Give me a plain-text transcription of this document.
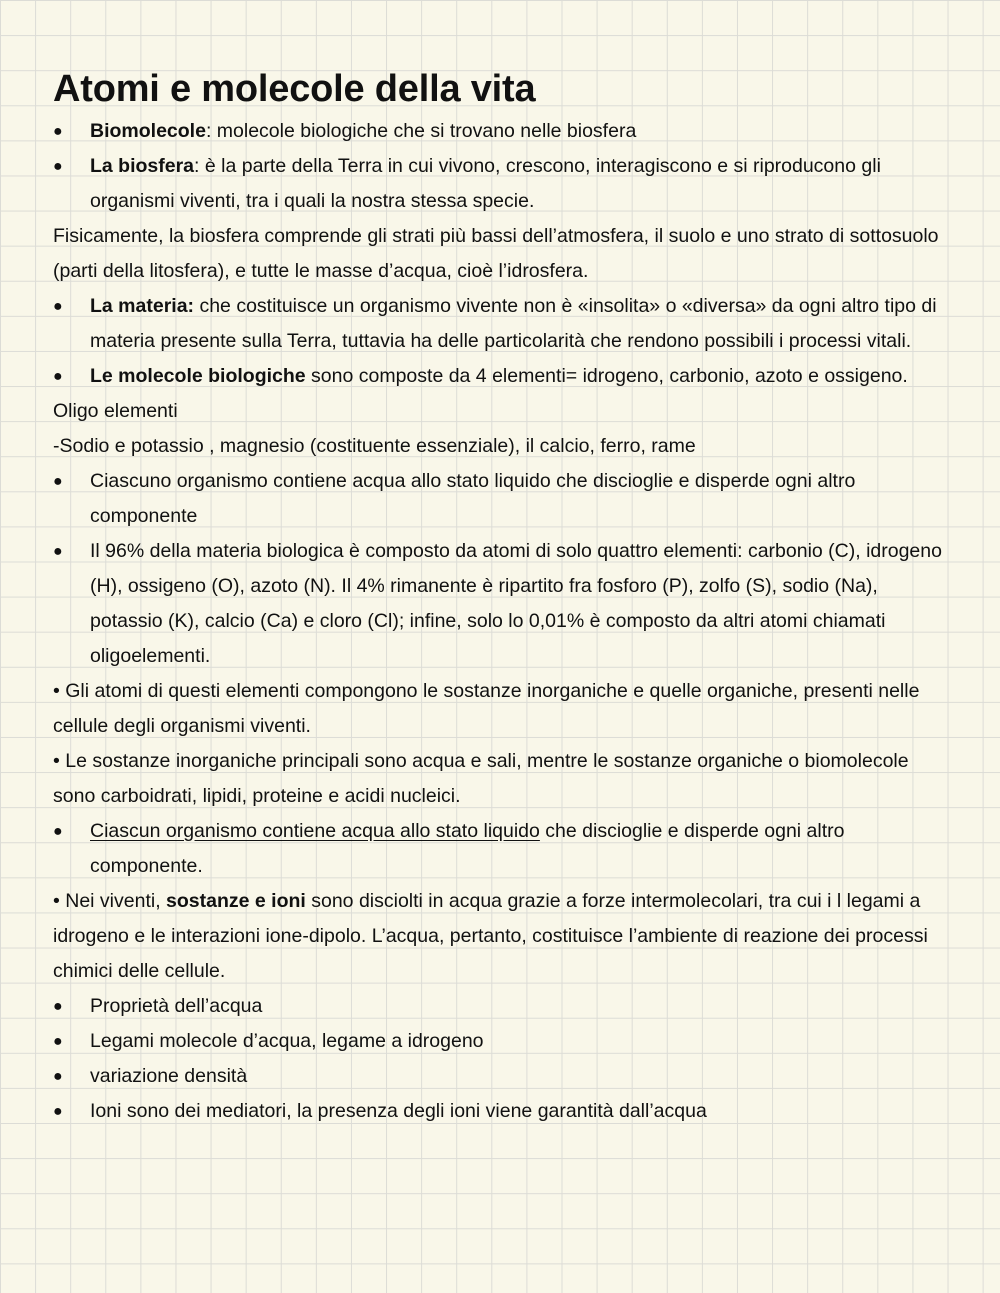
Atomi e molecole della vita
● Biomolecole: molecole biologiche che si trovano nelle biosfera
● La biosfera: è la parte della Terra in cui vivono, crescono, interagiscono e si riproducono gli organismi viventi, tra i quali la nostra stessa specie.
Fisicamente, la biosfera comprende gli strati più bassi dell’atmosfera, il suolo e uno strato di sottosuolo (parti della litosfera), e tutte le masse d’acqua, cioè l’idrosfera.
● La materia: che costituisce un organismo vivente non è «insolita» o «diversa» da ogni altro tipo di materia presente sulla Terra, tuttavia ha delle particolarità che rendono possibili i processi vitali.
● Le molecole biologiche sono composte da 4 elementi= idrogeno, carbonio, azoto e ossigeno.
Oligo elementi
-Sodio e potassio , magnesio (costituente essenziale), il calcio, ferro, rame
● Ciascuno organismo contiene acqua allo stato liquido che discioglie e disperde ogni altro componente
● Il 96% della materia biologica è composto da atomi di solo quattro elementi: carbonio (C), idrogeno (H), ossigeno (O), azoto (N). Il 4% rimanente è ripartito fra fosforo (P), zolfo (S), sodio (Na), potassio (K), calcio (Ca) e cloro (Cl); infine, solo lo 0,01% è composto da altri atomi chiamati oligoelementi.
• Gli atomi di questi elementi compongono le sostanze inorganiche e quelle organiche, presenti nelle cellule degli organismi viventi.
• Le sostanze inorganiche principali sono acqua e sali, mentre le sostanze organiche o biomolecole sono carboidrati, lipidi, proteine e acidi nucleici.
● Ciascun organismo contiene acqua allo stato liquido che discioglie e disperde ogni altro componente.
• Nei viventi, sostanze e ioni sono disciolti in acqua grazie a forze intermolecolari, tra cui i l legami a idrogeno e le interazioni ione-dipolo. L’acqua, pertanto, costituisce l’ambiente di reazione dei processi chimici delle cellule.
● Proprietà dell’acqua
● Legami molecole d’acqua, legame a idrogeno
● variazione densità
● Ioni sono dei mediatori, la presenza degli ioni viene garantità dall’acqua
